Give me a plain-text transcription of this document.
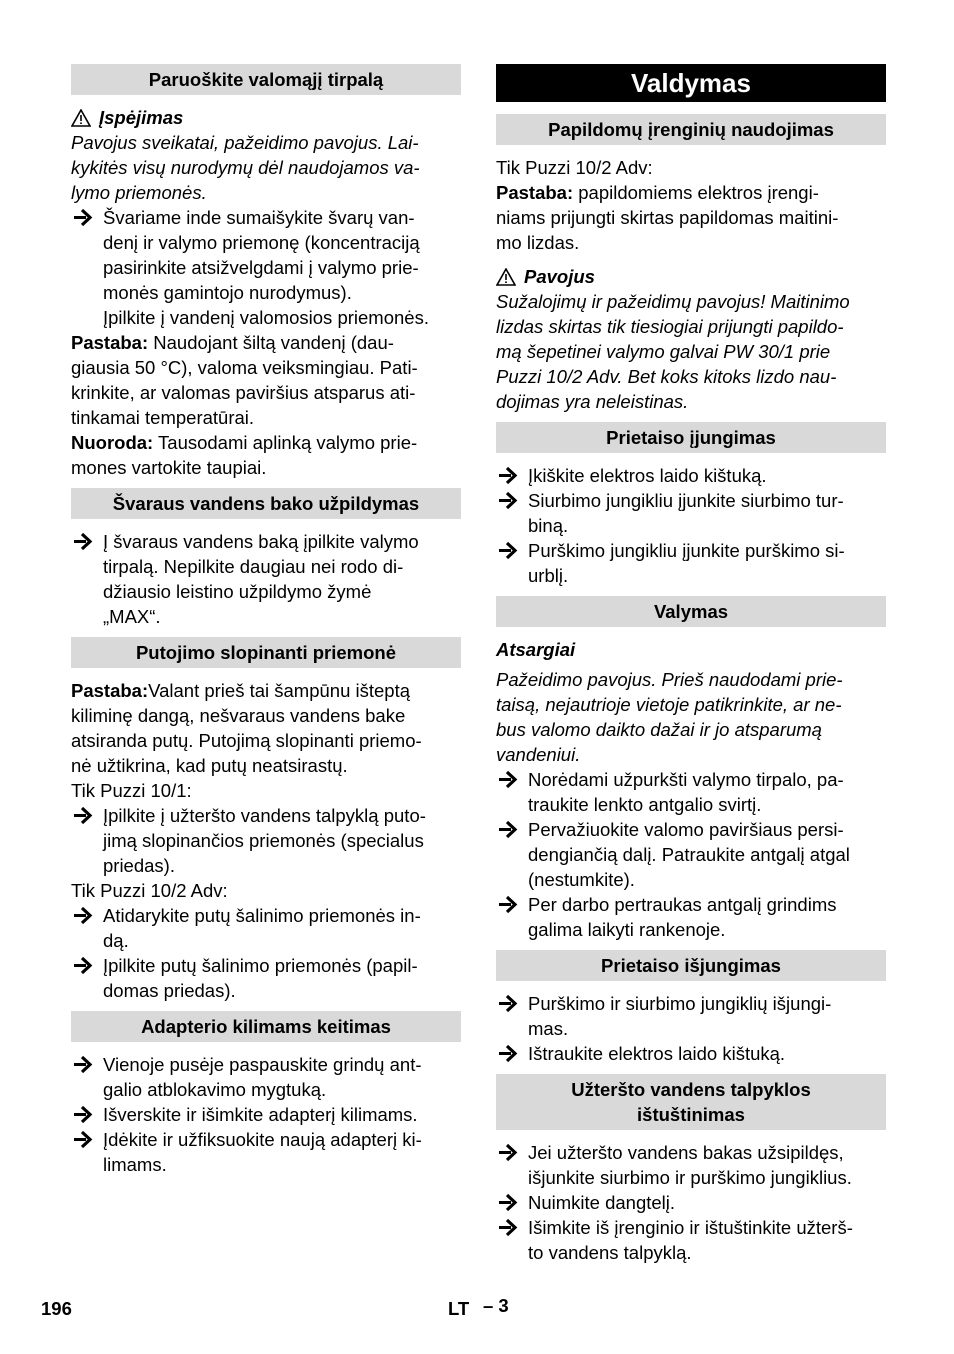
Paruoškite valomąjį tirpalą
Įspėjimas
Pavojus sveikatai, pažeidimo pavojus. Lai-
kykitės visų nurodymų dėl naudojamos va-
lymo priemonės.
Švariame inde sumaišykite švarų van-
denį ir valymo priemonę (koncentraciją
pasirinkite atsižvelgdami į valymo prie-
monės gamintojo nurodymus).
Įpilkite į vandenį valomosios priemonės.
Pastaba: Naudojant šiltą vandenį (dau-
giausia 50 °C), valoma veiksmingiau. Pati-
krinkite, ar valomas paviršius atsparus ati-
tinkamai temperatūrai.
Nuoroda: Tausodami aplinką valymo prie-
mones vartokite taupiai.
Švaraus vandens bako užpildymas
Į švaraus vandens baką įpilkite valymo
tirpalą. Nepilkite daugiau nei rodo di-
džiausio leistino užpildymo žymė
„MAX“.
Putojimo slopinanti priemonė
Pastaba:Valant prieš tai šampūnu išteptą
kiliminę dangą, nešvaraus vandens bake
atsiranda putų. Putojimą slopinanti priemo-
nė užtikrina, kad putų neatsirastų.
Tik Puzzi 10/1:
Įpilkite į užteršto vandens talpyklą puto-
jimą slopinančios priemonės (specialus
priedas).
Tik Puzzi 10/2 Adv:
Atidarykite putų šalinimo priemonės in-
dą.
Įpilkite putų šalinimo priemonės (papil-
domas priedas).
Adapterio kilimams keitimas
Vienoje pusėje paspauskite grindų ant-
galio atblokavimo mygtuką.
Išverskite ir išimkite adapterį kilimams.
Įdėkite ir užfiksuokite naują adapterį ki-
limams.
Valdymas
Papildomų įrenginių naudojimas
Tik Puzzi 10/2 Adv:
Pastaba: papildomiems elektros įrengi-
niams prijungti skirtas papildomas maitini-
mo lizdas.
Pavojus
Sužalojimų ir pažeidimų pavojus! Maitinimo
lizdas skirtas tik tiesiogiai prijungti papildo-
mą šepetinei valymo galvai PW 30/1 prie
Puzzi 10/2 Adv. Bet koks kitoks lizdo nau-
dojimas yra neleistinas.
Prietaiso įjungimas
Įkiškite elektros laido kištuką.
Siurbimo jungikliu įjunkite siurbimo tur-
biną.
Purškimo jungikliu įjunkite purškimo si-
urblį.
Valymas
Atsargiai
Pažeidimo pavojus. Prieš naudodami prie-
taisą, nejautrioje vietoje patikrinkite, ar ne-
bus valomo daikto dažai ir jo atsparumą
vandeniui.
Norėdami užpurkšti valymo tirpalo, pa-
traukite lenkto antgalio svirtį.
Pervažiuokite valomo paviršiaus persi-
dengiančią dalį. Patraukite antgalį atgal
(nestumkite).
Per darbo pertraukas antgalį grindims
galima laikyti rankenoje.
Prietaiso išjungimas
Purškimo ir siurbimo jungiklių išjungi-
mas.
Ištraukite elektros laido kištuką.
Užteršto vandens talpyklos
ištuštinimas
Jei užteršto vandens bakas užsipildęs,
išjunkite siurbimo ir purškimo jungiklius.
Nuimkite dangtelį.
Išimkite iš įrenginio ir ištuštinkite užterš-
to vandens talpyklą.
196	LT – 3
